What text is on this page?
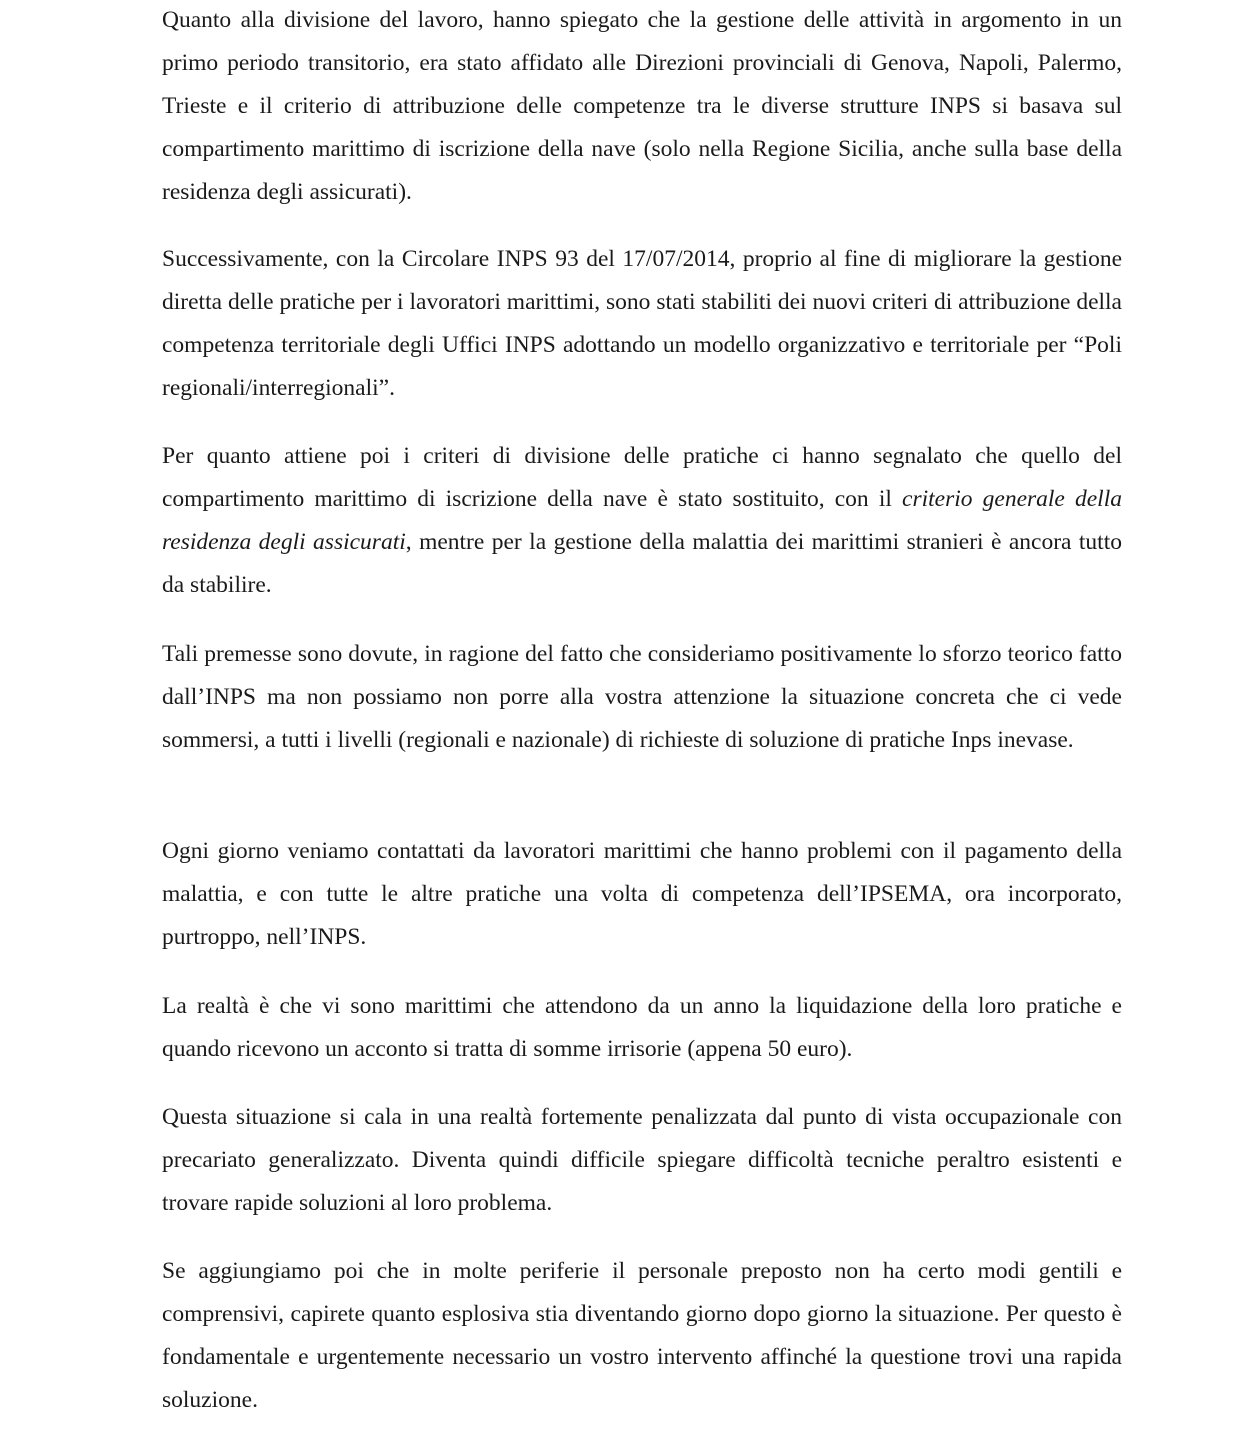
Quanto alla divisione del lavoro, hanno spiegato che la gestione delle attività in argomento in un primo periodo transitorio, era stato affidato alle Direzioni provinciali di Genova, Napoli, Palermo, Trieste e il criterio di attribuzione delle competenze tra le diverse strutture INPS si basava sul compartimento marittimo di iscrizione della nave (solo nella Regione Sicilia, anche sulla base della residenza degli assicurati).

Successivamente, con la Circolare INPS 93 del 17/07/2014, proprio al fine di migliorare la gestione diretta delle pratiche per i lavoratori marittimi, sono stati stabiliti dei nuovi criteri di attribuzione della competenza territoriale degli Uffici INPS adottando un modello organizzativo e territoriale per “Poli regionali/interregionali”.

Per quanto attiene poi i criteri di divisione delle pratiche ci hanno segnalato che quello del compartimento marittimo di iscrizione della nave è stato sostituito, con il criterio generale della residenza degli assicurati, mentre per la gestione della malattia dei marittimi stranieri è ancora tutto da stabilire.

Tali premesse sono dovute, in ragione del fatto che consideriamo positivamente lo sforzo teorico fatto dall’INPS ma non possiamo non porre alla vostra attenzione la situazione concreta che ci vede sommersi, a tutti i livelli (regionali e nazionale) di richieste di soluzione di pratiche Inps inevase.

Ogni giorno veniamo contattati da lavoratori marittimi che hanno problemi con il pagamento della malattia, e con tutte le altre pratiche una volta di competenza dell’IPSEMA, ora incorporato, purtroppo, nell’INPS.

La realtà è che vi sono marittimi che attendono da un anno la liquidazione della loro pratiche e quando ricevono un acconto si tratta di somme irrisorie (appena 50 euro).

Questa situazione si cala in una realtà fortemente penalizzata dal punto di vista occupazionale con precariato generalizzato. Diventa quindi difficile spiegare difficoltà tecniche peraltro esistenti e trovare rapide soluzioni al loro problema.

Se aggiungiamo poi che in molte periferie il personale preposto non ha certo modi gentili e comprensivi, capirete quanto esplosiva stia diventando giorno dopo giorno la situazione. Per questo è fondamentale e urgentemente necessario un vostro intervento affinché la questione trovi una rapida soluzione.
